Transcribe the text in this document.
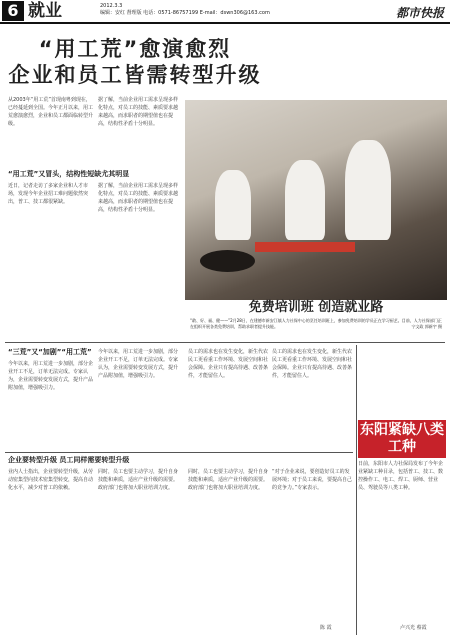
6 就业	2012.3.3
编辑：安红 督理版 电话：0571-86757199 E-mail：dswn306@163.com	都市快报
“用工荒”愈演愈烈
企业和员工皆需转型升级
从2003年“用工荒”首现南粤到现在，已经蔓延到全国。今年正月以来，用工荒愈演愈烈，企业和员工都面临转型升级。
据了解，当前企业用工需求呈现多样化特点，对员工的技能、素质要求越来越高，而求职者的期望值也在提高，结构性矛盾十分明显。
“用工荒”又冒头，结构性短缺尤其明显
近日，记者走访了多家企业和人才市场，发现今年企业招工难问题依然突出，普工、技工都很紧缺。
据了解，当前企业用工需求呈现多样化特点，对员工的技能、素质要求越来越高，而求职者的期望值也在提高，结构性矛盾十分明显。
免费培训班 创造就业路
“敢、好、福、健——”2月28日，在建德市新安江镇人力社保中心的烹饪培训班上，参加免费培训的学员正在学习厨艺。目前，人力社保部门正在组织开展各类免费培训，帮助求职者提升技能。	宁文政 郭新宇 摄
“三荒”又“加剧”“用工荒”
今年以来，用工荒进一步加剧，部分企业开工不足，订单无法完成。专家认为，企业需要转变发展方式，提升产品附加值，增强吸引力。
今年以来，用工荒进一步加剧，部分企业开工不足，订单无法完成。专家认为，企业需要转变发展方式，提升产品附加值，增强吸引力。
员工的需求也在发生变化，新生代农民工更看重工作环境、发展空间和社会保障。企业只有提高待遇、改善条件，才能留住人。
员工的需求也在发生变化，新生代农民工更看重工作环境、发展空间和社会保障。企业只有提高待遇、改善条件，才能留住人。
企业要转型升级 员工同样需要转型升级
业内人士指出，企业要转型升级，从劳动密集型向技术密集型转变，提高自动化水平，减少对普工的依赖。
同时，员工也要主动学习，提升自身技能和素质，适应产业升级的需要。政府部门也将加大职业培训力度。
同时，员工也要主动学习，提升自身技能和素质，适应产业升级的需要。政府部门也将加大职业培训力度。
“对于企业来说，要创造好员工的发展环境；对于员工来说，要提高自己的竞争力。”专家表示。
陈 霞
东阳紧缺八类工种
日前，东阳市人力社保局发布了今年企业紧缺工种目录，包括普工、技工、数控操作工、电工、焊工、厨师、营业员、驾驶员等八类工种。
卢兴光 蔡霞
